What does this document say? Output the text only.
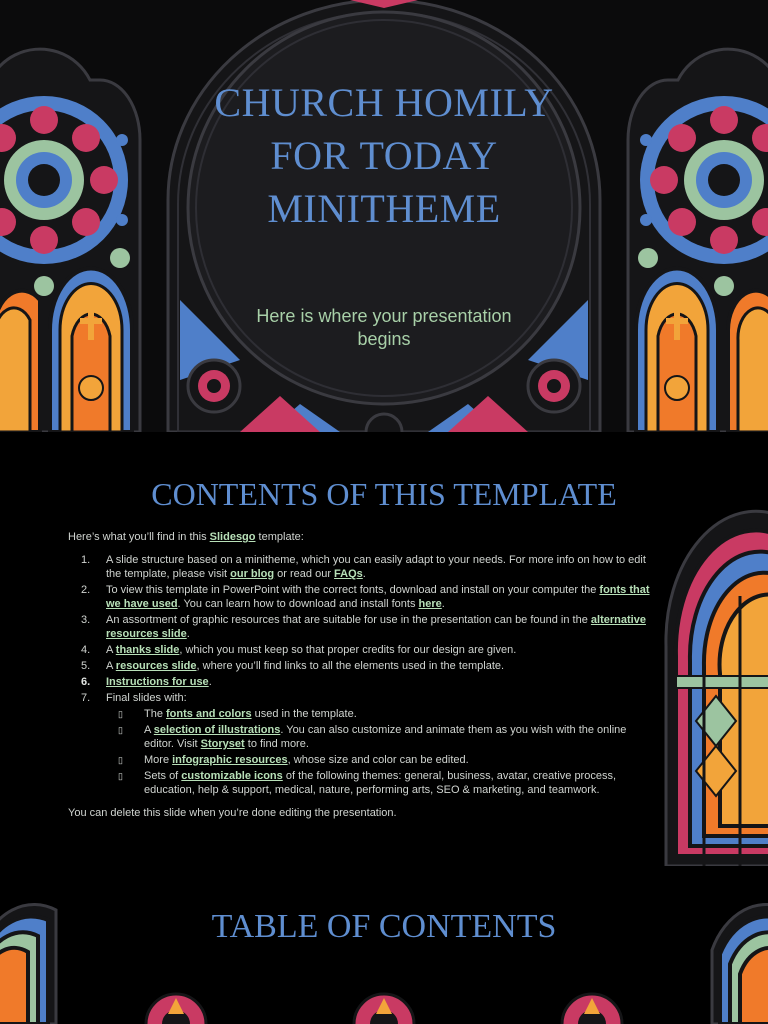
CHURCH HOMILY FOR TODAY MINITHEME
Here is where your presentation begins
CONTENTS OF THIS TEMPLATE

Here’s what you’ll find in this Slidesgo template:

1. A slide structure based on a minitheme, which you can easily adapt to your needs. For more info on how to edit the template, please visit our blog or read our FAQs.
2. To view this template in PowerPoint with the correct fonts, download and install on your computer the fonts that we have used. You can learn how to download and install fonts here.
3. An assortment of graphic resources that are suitable for use in the presentation can be found in the alternative resources slide.
4. A thanks slide, which you must keep so that proper credits for our design are given.
5. A resources slide, where you’ll find links to all the elements used in the template.
6. Instructions for use.
7. Final slides with:
▯ The fonts and colors used in the template.
▯ A selection of illustrations. You can also customize and animate them as you wish with the online editor. Visit Storyset to find more.
▯ More infographic resources, whose size and color can be edited.
▯ Sets of customizable icons of the following themes: general, business, avatar, creative process, education, help & support, medical, nature, performing arts, SEO & marketing, and teamwork.

You can delete this slide when you’re done editing the presentation.

TABLE OF CONTENTS
